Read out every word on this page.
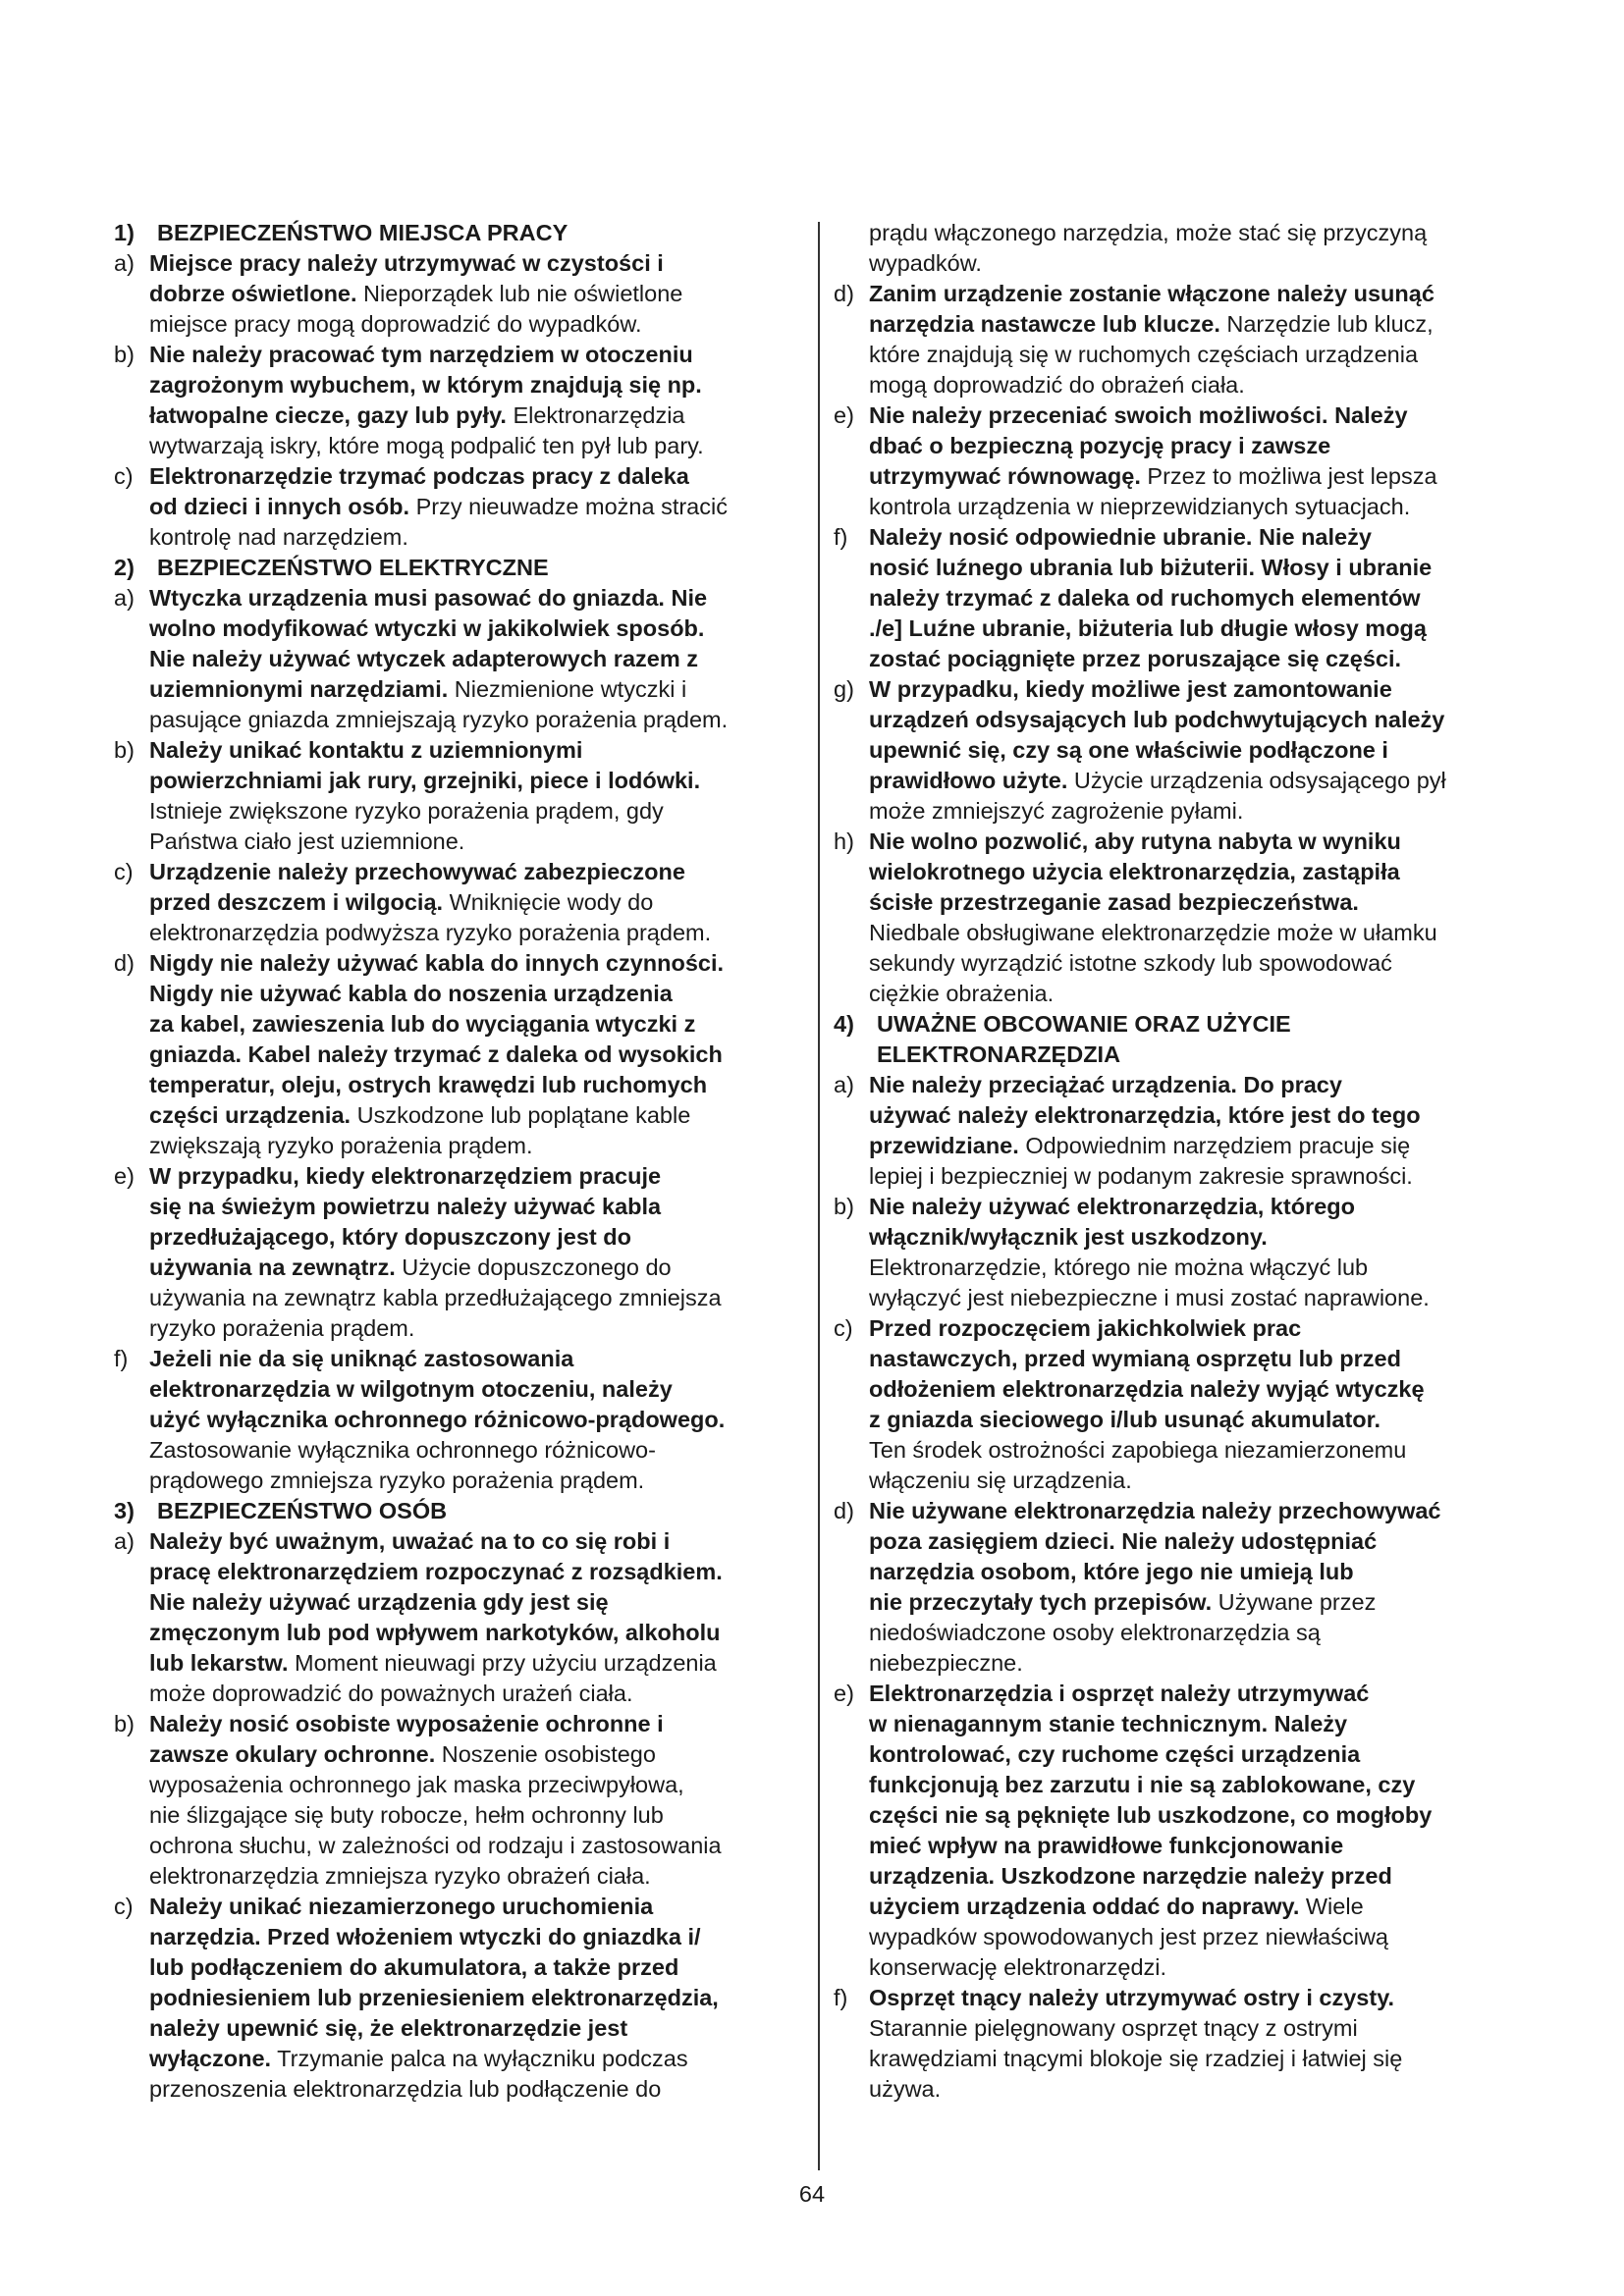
1) BEZPIECZEŃSTWO MIEJSCA PRACY
a) Miejsce pracy należy utrzymywać w czystości i
dobrze oświetlone. Nieporządek lub nie oświetlone
miejsce pracy mogą doprowadzić do wypadków.
b) Nie należy pracować tym narzędziem w otoczeniu
zagrożonym wybuchem, w którym znajdują się np.
łatwopalne ciecze, gazy lub pyły. Elektronarzędzia
wytwarzają iskry, które mogą podpalić ten pył lub pary.
c) Elektronarzędzie trzymać podczas pracy z daleka
od dzieci i innych osób. Przy nieuwadze można stracić
kontrolę nad narzędziem.
2) BEZPIECZEŃSTWO ELEKTRYCZNE
a) Wtyczka urządzenia musi pasować do gniazda. Nie
wolno modyfikować wtyczki w jakikolwiek sposób.
Nie należy używać wtyczek adapterowych razem z
uziemnionymi narzędziami. Niezmienione wtyczki i
pasujące gniazda zmniejszają ryzyko porażenia prądem.
b) Należy unikać kontaktu z uziemnionymi
powierzchniami jak rury, grzejniki, piece i lodówki.
Istnieje zwiększone ryzyko porażenia prądem, gdy
Państwa ciało jest uziemnione.
c) Urządzenie należy przechowywać zabezpieczone
przed deszczem i wilgocią. Wniknięcie wody do
elektronarzędzia podwyższa ryzyko porażenia prądem.
d) Nigdy nie należy używać kabla do innych czynności.
Nigdy nie używać kabla do noszenia urządzenia
za kabel, zawieszenia lub do wyciągania wtyczki z
gniazda. Kabel należy trzymać z daleka od wysokich
temperatur, oleju, ostrych krawędzi lub ruchomych
części urządzenia. Uszkodzone lub poplątane kable
zwiększają ryzyko porażenia prądem.
e) W przypadku, kiedy elektronarzędziem pracuje
się na świeżym powietrzu należy używać kabla
przedłużającego, który dopuszczony jest do
używania na zewnątrz. Użycie dopuszczonego do
używania na zewnątrz kabla przedłużającego zmniejsza
ryzyko porażenia prądem.
f) Jeżeli nie da się uniknąć zastosowania
elektronarzędzia w wilgotnym otoczeniu, należy
użyć wyłącznika ochronnego różnicowo-prądowego.
Zastosowanie wyłącznika ochronnego różnicowo-
prądowego zmniejsza ryzyko porażenia prądem.
3) BEZPIECZEŃSTWO OSÓB
a) Należy być uważnym, uważać na to co się robi i
pracę elektronarzędziem rozpoczynać z rozsądkiem.
Nie należy używać urządzenia gdy jest się
zmęczonym lub pod wpływem narkotyków, alkoholu
lub lekarstw. Moment nieuwagi przy użyciu urządzenia
może doprowadzić do poważnych urażeń ciała.
b) Należy nosić osobiste wyposażenie ochronne i
zawsze okulary ochronne. Noszenie osobistego
wyposażenia ochronnego jak maska przeciwpyłowa,
nie ślizgające się buty robocze, hełm ochronny lub
ochrona słuchu, w zależności od rodzaju i zastosowania
elektronarzędzia zmniejsza ryzyko obrażeń ciała.
c) Należy unikać niezamierzonego uruchomienia
narzędzia. Przed włożeniem wtyczki do gniazdka i/
lub podłączeniem do akumulatora, a także przed
podniesieniem lub przeniesieniem elektronarzędzia,
należy upewnić się, że elektronarzędzie jest
wyłączone. Trzymanie palca na wyłączniku podczas
przenoszenia elektronarzędzia lub podłączenie do
prądu włączonego narzędzia, może stać się przyczyną
wypadków.
d) Zanim urządzenie zostanie włączone należy usunąć
narzędzia nastawcze lub klucze. Narzędzie lub klucz,
które znajdują się w ruchomych częściach urządzenia
mogą doprowadzić do obrażeń ciała.
e) Nie należy przeceniać swoich możliwości. Należy
dbać o bezpieczną pozycję pracy i zawsze
utrzymywać równowagę. Przez to możliwa jest lepsza
kontrola urządzenia w nieprzewidzianych sytuacjach.
f) Należy nosić odpowiednie ubranie. Nie należy
nosić luźnego ubrania lub biżuterii. Włosy i ubranie
należy trzymać z daleka od ruchomych elementów
./e] Luźne ubranie, biżuteria lub długie włosy mogą
zostać pociągnięte przez poruszające się części.
g) W przypadku, kiedy możliwe jest zamontowanie
urządzeń odsysających lub podchwytujących należy
upewnić się, czy są one właściwie podłączone i
prawidłowo użyte. Użycie urządzenia odsysającego pył
może zmniejszyć zagrożenie pyłami.
h) Nie wolno pozwolić, aby rutyna nabyta w wyniku
wielokrotnego użycia elektronarzędzia, zastąpiła
ścisłe przestrzeganie zasad bezpieczeństwa.
Niedbale obsługiwane elektronarzędzie może w ułamku
sekundy wyrządzić istotne szkody lub spowodować
ciężkie obrażenia.
4) UWAŻNE OBCOWANIE ORAZ UŻYCIE
ELEKTRONARZĘDZIA
a) Nie należy przeciążać urządzenia. Do pracy
używać należy elektronarzędzia, które jest do tego
przewidziane. Odpowiednim narzędziem pracuje się
lepiej i bezpieczniej w podanym zakresie sprawności.
b) Nie należy używać elektronarzędzia, którego
włącznik/wyłącznik jest uszkodzony.
Elektronarzędzie, którego nie można włączyć lub
wyłączyć jest niebezpieczne i musi zostać naprawione.
c) Przed rozpoczęciem jakichkolwiek prac
nastawczych, przed wymianą osprzętu lub przed
odłożeniem elektronarzędzia należy wyjąć wtyczkę
z gniazda sieciowego i/lub usunąć akumulator.
Ten środek ostrożności zapobiega niezamierzonemu
włączeniu się urządzenia.
d) Nie używane elektronarzędzia należy przechowywać
poza zasięgiem dzieci. Nie należy udostępniać
narzędzia osobom, które jego nie umieją lub
nie przeczytały tych przepisów. Używane przez
niedoświadczone osoby elektronarzędzia są
niebezpieczne.
e) Elektronarzędzia i osprzęt należy utrzymywać
w nienagannym stanie technicznym. Należy
kontrolować, czy ruchome części urządzenia
funkcjonują bez zarzutu i nie są zablokowane, czy
części nie są pęknięte lub uszkodzone, co mogłoby
mieć wpływ na prawidłowe funkcjonowanie
urządzenia. Uszkodzone narzędzie należy przed
użyciem urządzenia oddać do naprawy. Wiele
wypadków spowodowanych jest przez niewłaściwą
konserwację elektronarzędzi.
f) Osprzęt tnący należy utrzymywać ostry i czysty.
Starannie pielęgnowany osprzęt tnący z ostrymi
krawędziami tnącymi blokoje się rzadziej i łatwiej się
używa.
64
